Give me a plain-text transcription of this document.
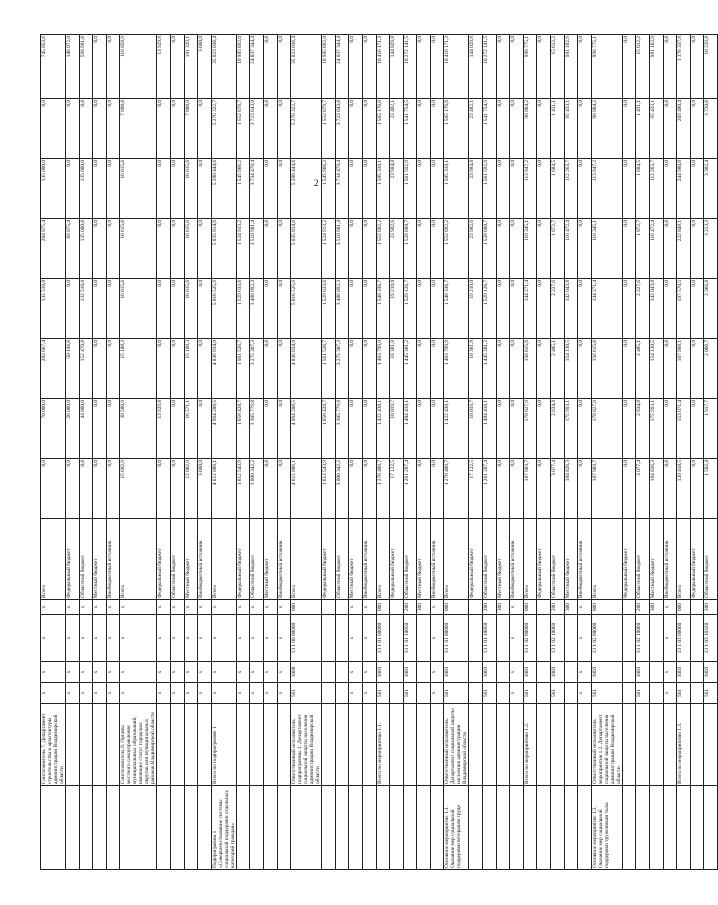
2
	Соисполнитель 7. Департамент строительства и архитектуры администрации Владимирской области	x	x	x	x	Всего	0,0	70 000,0	202 667,4	132 510,8	204 875,4	135 000,0	0,0	745 053,6
		x	x	x	x	Федеральный бюджет	0,0	26 000,0	50 196,6	0,0	69 875,4	0,0	0,0	146 072,0
		x	x	x	x	Областной бюджет	0,0	44 000,0	152 470,8	132 510,8	135 000,0	135 000,0	0,0	598 981,6
		x	x	x	x	Местный бюджет	0,0	0,0	0,0	0,0	0,0	0,0	0,0	0,0
		x	x	x	x	Внебюджетный источник	0,0	0,0	0,0	0,0	0,0	0,0	0,0	0,0
	Соисполнитель 8. Органы местного самоуправления муниципальных образований, имеющих статус городских округов или муниципальных районов Владимирской области	x	x	x	x	Всего	15 602,9	30 500,9	15 108,3	16 615,6	16 615,6	16 615,6	7 800,0	118 858,9
		x	x	x	x	Федеральный бюджет	0,0	13 929,8	0,0	0,0	0,0	0,0	0,0	13 929,8
		x	x	x	x	Областной бюджет	0,0	0,0	0,0	0,0	0,0	0,0	0,0	0,0
		x	x	x	x	Местный бюджет	12 002,9	16 571,1	15 108,3	16 615,6	16 615,6	16 615,6	7 800,0	101 329,1
		x	x	x	x	Внебюджетный источник	3 600,0	0,0	0,0	0,0	0,0	0,0	0,0	3 600,0
Подпрограмма 1 «Совершенствование системы социальной поддержки отдельных категорий граждан»	Всего по подпрограмме 1	x	x	x	x	Всего	4 612 886,1	4 964 208,5	4 836 834,0	5 016 525,9	5 035 814,6	5 280 444,6	5 276 322,7	35 023 036,4
		x	x	x	x	Федеральный бюджет	1 612 543,9	1 658 428,7	1 561 526,7	1 529 633,6	1 524 913,2	1 545 966,2	1 552 679,7	10 985 692,0
		x	x	x	x	Областной бюджет	3 000 342,2	3 305 779,8	3 275 307,3	3 486 892,3	3 510 901,4	3 734 478,4	3 723 643,0	24 037 344,4
		x	x	x	x	Местный бюджет	0,0	0,0	0,0	0,0	0,0	0,0	0,0	0,0
		x	x	x	x	Внебюджетный источник	0,0	0,0	0,0	0,0	0,0	0,0	0,0	0,0
	Ответственный исполнитель подпрограммы 1. Департамент социальной защиты населения администрации Владимирской области	561	1000	13 1 00 00000	000	Всего	4 612 886,1	4 964 208,5	4 836 834,0	5 016 525,9	5 035 814,6	5 280 444,6	5 276 322,7	35 023 036,4
						Федеральный бюджет	1 612 543,9	1 658 428,7	1 561 526,7	1 529 633,6	1 524 913,2	1 545 966,2	1 552 679,7	10 985 692,0
						Областной бюджет	3 000 342,2	3 305 779,8	3 275 307,3	3 486 892,3	3 510 901,4	3 734 478,4	3 723 643,0	24 037 344,4
		x	x	x	x	Местный бюджет	0,0	0,0	0,0	0,0	0,0	0,0	0,0	0,0
		x	x	x	x	Внебюджетный источник	0,0	0,0	0,0	0,0	0,0	0,0	0,0	0,0
	Всего по мероприятию 1.1.	561	1003	13 1 01 00000	000	Всего	1 278 409,7	1 422 438,1	1 463 799,9	1 548 336,7	1 552 692,2	1 585 318,1	1 565 176,6	10 416 171,3
						Федеральный бюджет	17 122,5	18 019,7	18 381,8	19 210,0	23 982,6	23 984,8	23 482,1	144 029,8
		561	1003	13 1 01 10050	200	Областной бюджет	1 261 287,4	1 404 418,1	1 445 301,2	1 529 126,7	1 528 660,7	1 561 592,9	1 541 754,5	10 272 141,5
					300	Местный бюджет	0,0	0,0	0,0	0,0	0,0	0,0	0,0	0,0
		x	x	x	x	Внебюджетный источник	0,0	0,0	0,0	0,0	0,0	0,0	0,0	0,0
Основное мероприятие 1.1. Оказание мер социальной поддержки ветеранам труда	Ответственный исполнитель. Департамент социальной защиты населения администрации Владимирской области	561	1003	13 1 01 00000	000	Всего	1 278 409,7	1 422 438,1	1 463 799,9	1 548 336,7	1 552 692,2	1 585 318,1	1 565 176,6	10 416 171,3
						Федеральный бюджет	17 122,5	18 019,7	18 381,8	19 210,0	23 982,6	23 984,8	23 482,1	144 029,8
		561	1003	13 1 01 10050	200	Областной бюджет	1 261 287,4	1 404 418,1	1 445 301,2	1 529 126,7	1 528 660,7	1 561 592,9	1 541 754,5	10 272 141,5
					300	Местный бюджет	0,0	0,0	0,0	0,0	0,0	0,0	0,0	0,0
		x	x	x	x	Внебюджетный источник	0,0	0,0	0,0	0,0	0,0	0,0	0,0	0,0
	Всего по мероприятию 1.2.	561	1003	13 1 02 00000	000	Всего	187 903,7	178 827,9	156 615,6	144 271,4	118 345,1	113 947,2	96 864,2	996 775,1
						Федеральный бюджет	0,0	0,0	0,0	0,0	0,0	0,0	0,0	0,0
		561	1003	13 1 02 10060	200	Областной бюджет	3 077,4	2 834,8	2 485,1	2 227,6	1 872,7	1 684,5	1 431,1	15 612,2
					300	Местный бюджет	184 826,3	175 993,1	154 130,5	142 043,8	116 472,4	112 263,7	95 433,1	981 162,9
		x	x	x	x	Внебюджетный источник	0,0	0,0	0,0	0,0	0,0	0,0	0,0	0,0
Основное мероприятие 1.2. Оказание мер социальной поддержки труженикам тыла	Ответственный исполнитель мероприятия 1.2. Департамент социальной защиты населения администрации Владимирской области	561	1003	13 1 02 00000	000	Всего	187 903,7	178 827,9	156 615,6	144 271,4	118 345,1	113 947,2	96 864,2	996 775,1
						Федеральный бюджет	0,0	0,0	0,0	0,0	0,0	0,0	0,0	0,0
		561	1003	13 1 02 10060	200	Областной бюджет	3 077,4	2 834,8	2 485,1	2 227,6	1 872,7	1 684,5	1 431,1	15 612,2
					300	Местный бюджет	184 826,3	175 993,1	154 130,5	142 043,8	116 472,4	112 263,7	95 433,1	981 162,9
		x	x	x	x	Внебюджетный источник	0,0	0,0	0,0	0,0	0,0	0,0	0,0	0,0
	Всего по мероприятию 1.3.	561	1003	13 1 03 00000	000	Всего	120 418,5	153 071,4	167 968,1	197 570,5	222 848,1	244 980,8	269 480,4	1 376 337,8
						Федеральный бюджет	0,0	0,0	0,0	0,0	0,0	0,0	0,0	0,0
		561	1003	13 1 03 10320	200	Областной бюджет	1 502,4	1 917,7	2 066,7	2 366,8	3 213,3	3 382,4	3 720,6	18 229,8
